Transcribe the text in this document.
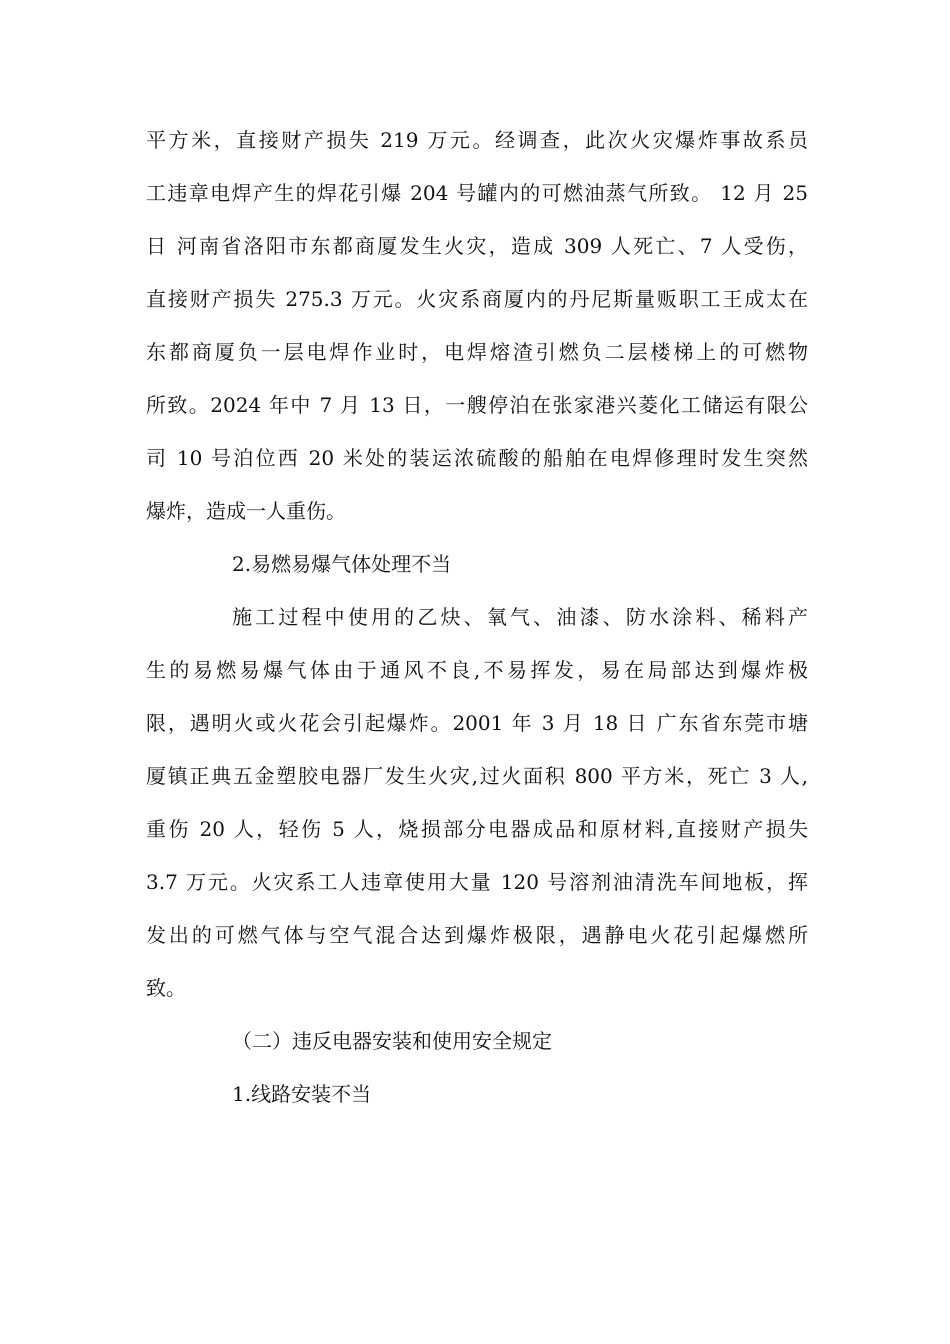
平方米，直接财产损失 219 万元。经调查，此次火灾爆炸事故系员
工违章电焊产生的焊花引爆 204 号罐内的可燃油蒸气所致。 12 月 25
日 河南省洛阳市东都商厦发生火灾，造成 309 人死亡、7 人受伤，
直接财产损失 275.3 万元。火灾系商厦内的丹尼斯量贩职工王成太在
东都商厦负一层电焊作业时，电焊熔渣引燃负二层楼梯上的可燃物
所致。2024 年中 7 月 13 日，一艘停泊在张家港兴菱化工储运有限公
司 10 号泊位西 20 米处的装运浓硫酸的船舶在电焊修理时发生突然
爆炸，造成一人重伤。
2.易燃易爆气体处理不当
施工过程中使用的乙炔、氧气、油漆、防水涂料、稀料产
生的易燃易爆气体由于通风不良,不易挥发，易在局部达到爆炸极
限，遇明火或火花会引起爆炸。2001 年 3 月 18 日 广东省东莞市塘
厦镇正典五金塑胶电器厂发生火灾,过火面积 800 平方米，死亡 3 人,
重伤 20 人，轻伤 5 人，烧损部分电器成品和原材料,直接财产损失
3.7 万元。火灾系工人违章使用大量 120 号溶剂油清洗车间地板，挥
发出的可燃气体与空气混合达到爆炸极限，遇静电火花引起爆燃所
致。
（二）违反电器安装和使用安全规定
1.线路安装不当
